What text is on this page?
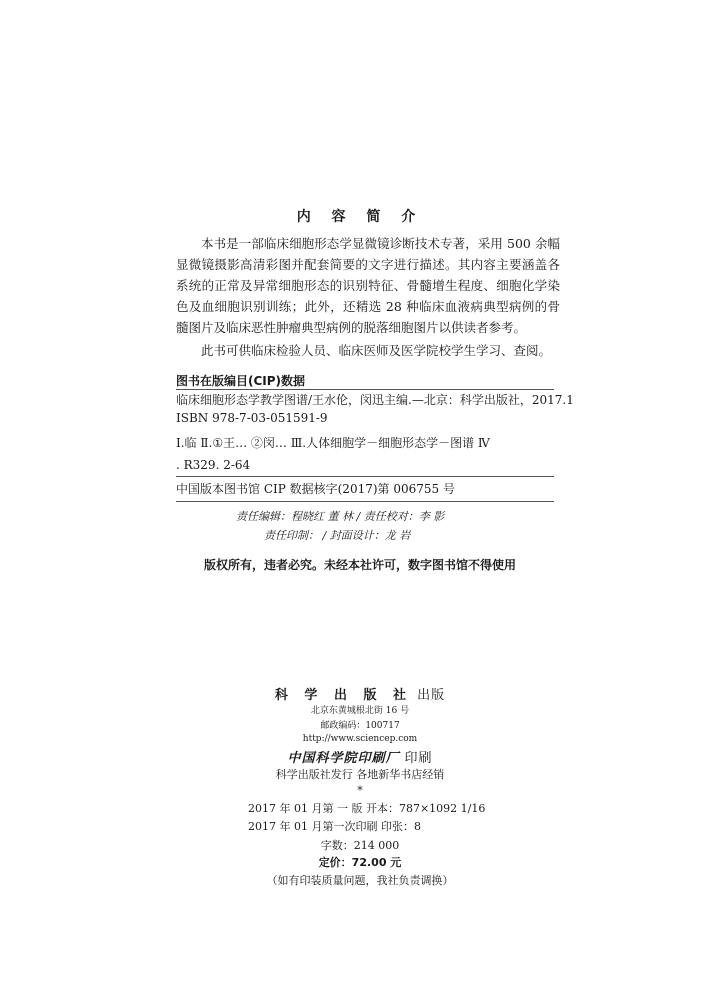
内 容 简 介

本书是一部临床细胞形态学显微镜诊断技术专著，采用 500 余幅显微镜摄影高清彩图并配套简要的文字进行描述。其内容主要涵盖各系统的正常及异常细胞形态的识别特征、骨髓增生程度、细胞化学染色及血细胞识别训练；此外，还精选 28 种临床血液病典型病例的骨髓图片及临床恶性肿瘤典型病例的脱落细胞图片以供读者参考。

此书可供临床检验人员、临床医师及医学院校学生学习、查阅。

图书在版编目(CIP)数据
临床细胞形态学教学图谱/王水伦，闵迅主编.—北京：科学出版社，2017.1
ISBN 978-7-03-051591-9
Ⅰ.临 Ⅱ.①王… ②闵… Ⅲ.人体细胞学－细胞形态学－图谱 Ⅳ
. R329. 2-64
中国版本图书馆 CIP 数据核字(2017)第 006755 号
责任编辑：程晓红 董 林 / 责任校对：李 影
责任印制： / 封面设计：龙 岩
版权所有，违者必究。未经本社许可，数字图书馆不得使用
科 学 出 版 社 出版
北京东黄城根北街 16 号
邮政编码：100717
http://www.sciencep.com
中国科学院印刷厂 印刷
科学出版社发行 各地新华书店经销
*
2017 年 01 月第 一 版 开本：787×1092 1/16
2017 年 01 月第一次印刷 印张：8
字数：214 000
定价：72.00 元
（如有印装质量问题，我社负责调换）
